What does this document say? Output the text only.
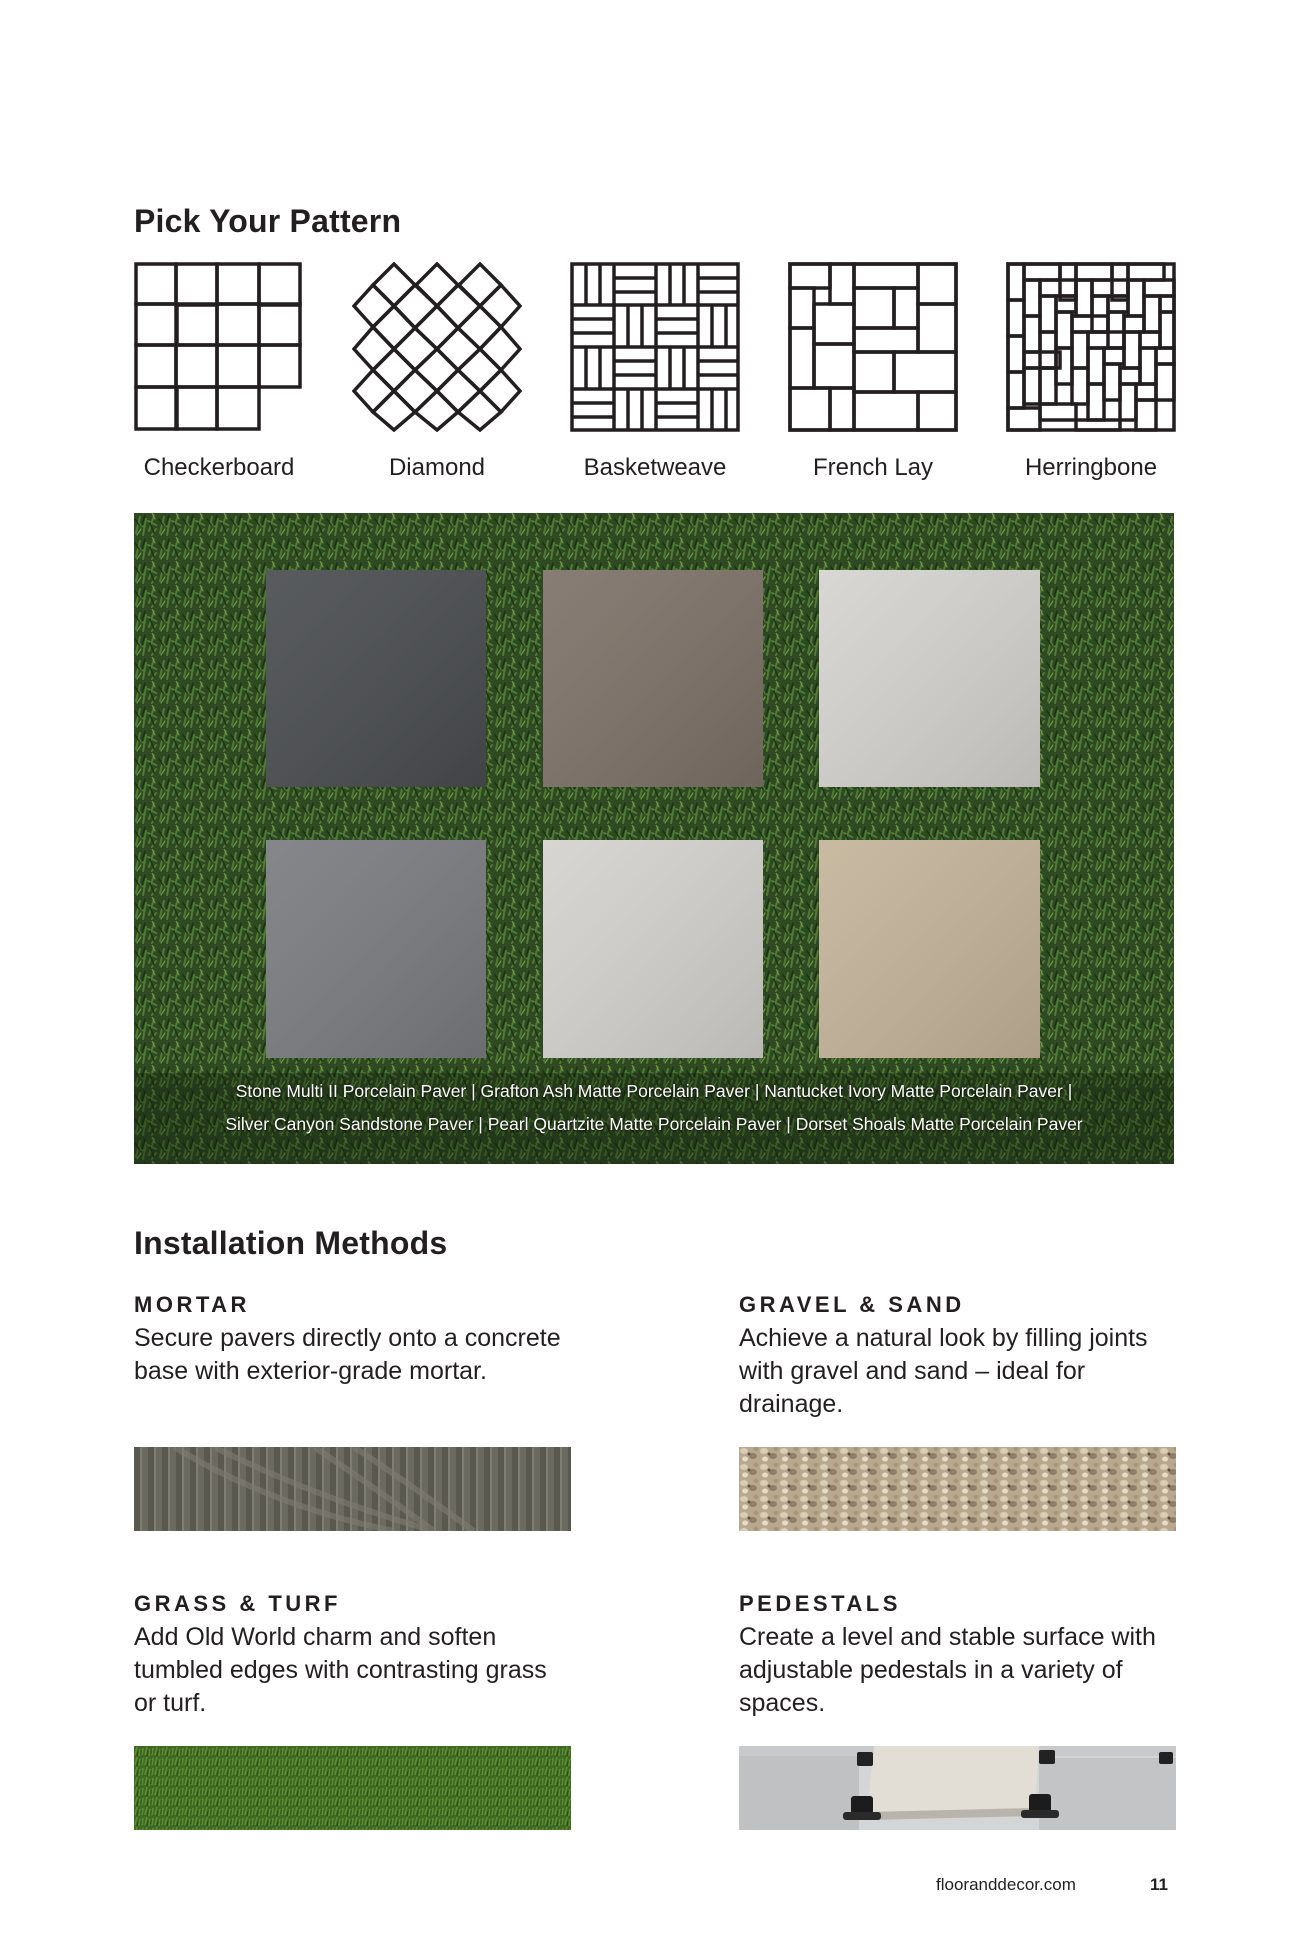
Pick Your Pattern
Checkerboard	Diamond	Basketweave	French Lay	Herringbone
Stone Multi II Porcelain Paver | Grafton Ash Matte Porcelain Paver | Nantucket Ivory Matte Porcelain Paver |
Silver Canyon Sandstone Paver | Pearl Quartzite Matte Porcelain Paver | Dorset Shoals Matte Porcelain Paver
Installation Methods
MORTAR
Secure pavers directly onto a concrete base with exterior-grade mortar.
GRAVEL & SAND
Achieve a natural look by filling joints with gravel and sand – ideal for drainage.
GRASS & TURF
Add Old World charm and soften tumbled edges with contrasting grass or turf.
PEDESTALS
Create a level and stable surface with adjustable pedestals in a variety of spaces.
flooranddecor.com	11
